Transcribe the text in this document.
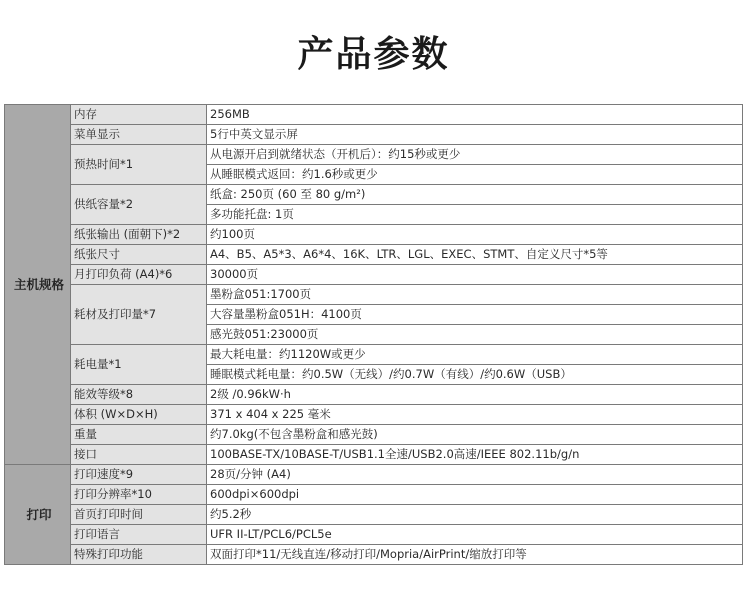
产品参数
主机规格	内存	256MB
	菜单显示	5行中英文显示屏
	预热时间*1	从电源开启到就绪状态（开机后）：约15秒或更少
		从睡眠模式返回：约1.6秒或更少
	供纸容量*2	纸盒: 250页 (60 至 80 g/m²)
		多功能托盘: 1页
	纸张输出 (面朝下)*2	约100页
	纸张尺寸	A4、B5、A5*3、A6*4、16K、LTR、LGL、EXEC、STMT、自定义尺寸*5等
	月打印负荷 (A4)*6	30000页
	耗材及打印量*7	墨粉盒051:1700页
		大容量墨粉盒051H：4100页
		感光鼓051:23000页
	耗电量*1	最大耗电量：约1120W或更少
		睡眠模式耗电量：约0.5W（无线）/约0.7W（有线）/约0.6W（USB）
	能效等级*8	2级 /0.96kW·h
	体积 (W×D×H)	371 x 404 x 225 毫米
	重量	约7.0kg(不包含墨粉盒和感光鼓)
	接口	100BASE-TX/10BASE-T/USB1.1全速/USB2.0高速/IEEE 802.11b/g/n
打印	打印速度*9	28页/分钟 (A4)
	打印分辨率*10	600dpi×600dpi
	首页打印时间	约5.2秒
	打印语言	UFR II-LT/PCL6/PCL5e
	特殊打印功能	双面打印*11/无线直连/移动打印/Mopria/AirPrint/缩放打印等
